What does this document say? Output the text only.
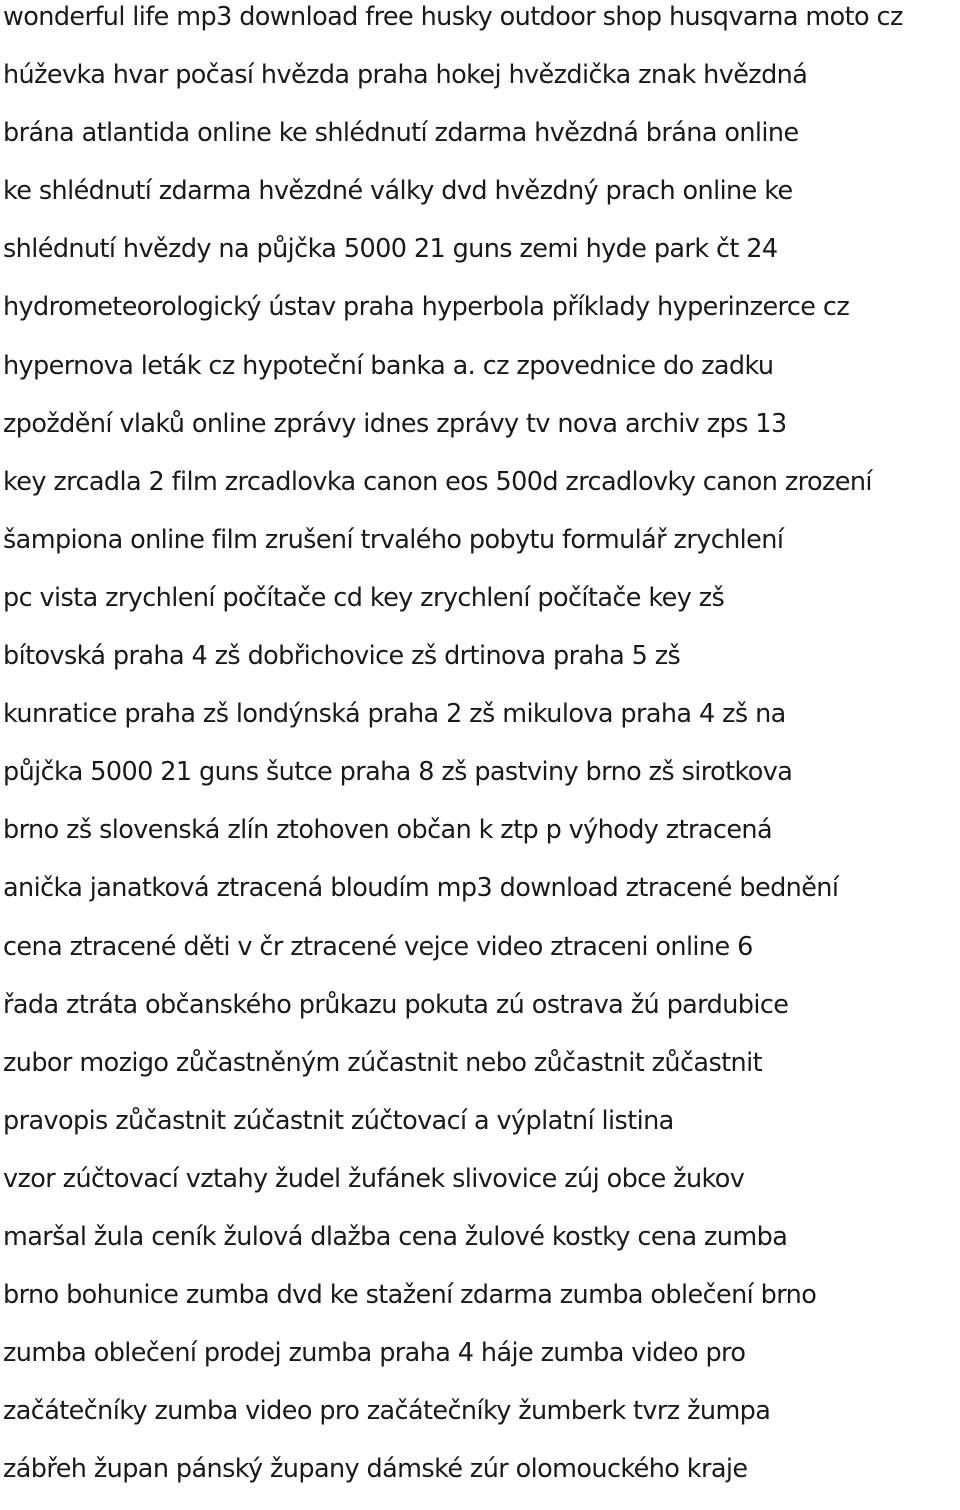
wonderful life mp3 download free husky outdoor shop husqvarna moto cz
húževka hvar počasí hvězda praha hokej hvězdička znak hvězdná
brána atlantida online ke shlédnutí zdarma hvězdná brána online
ke shlédnutí zdarma hvězdné války dvd hvězdný prach online ke
shlédnutí hvězdy na půjčka 5000 21 guns zemi hyde park čt 24
hydrometeorologický ústav praha hyperbola příklady hyperinzerce cz
hypernova leták cz hypoteční banka a. cz zpovednice do zadku
zpoždění vlaků online zprávy idnes zprávy tv nova archiv zps 13
key zrcadla 2 film zrcadlovka canon eos 500d zrcadlovky canon zrození
šampiona online film zrušení trvalého pobytu formulář zrychlení
pc vista zrychlení počítače cd key zrychlení počítače key zš
bítovská praha 4 zš dobřichovice zš drtinova praha 5 zš
kunratice praha zš londýnská praha 2 zš mikulova praha 4 zš na
půjčka 5000 21 guns šutce praha 8 zš pastviny brno zš sirotkova
brno zš slovenská zlín ztohoven občan k ztp p výhody ztracená
anička janatková ztracená bloudím mp3 download ztracené bednění
cena ztracené děti v čr ztracené vejce video ztraceni online 6
řada ztráta občanského průkazu pokuta zú ostrava žú pardubice
zubor mozigo zůčastněným zúčastnit nebo zůčastnit zůčastnit
pravopis zůčastnit zúčastnit zúčtovací a výplatní listina
vzor zúčtovací vztahy žudel žufánek slivovice zúj obce žukov
maršal žula ceník žulová dlažba cena žulové kostky cena zumba
brno bohunice zumba dvd ke stažení zdarma zumba oblečení brno
zumba oblečení prodej zumba praha 4 háje zumba video pro
začátečníky zumba video pro začátečníky žumberk tvrz žumpa
zábřeh župan pánský župany dámské zúr olomouckého kraje
